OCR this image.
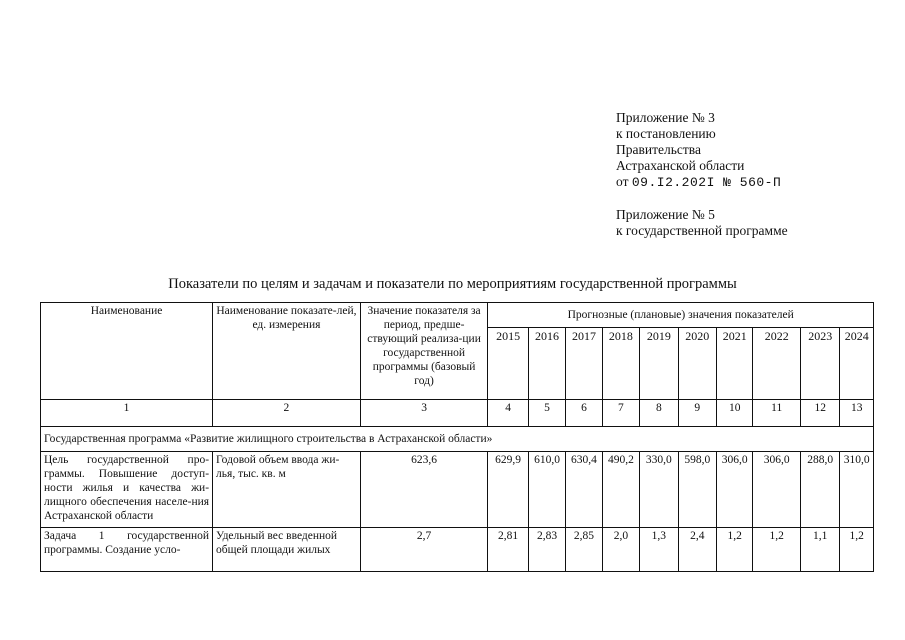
Приложение № 3
к постановлению
Правительства
Астраханской области
от 09.I2.202I № 560-П
Приложение № 5
к государственной программе
Показатели по целям и задачам и показатели по мероприятиям государственной программы
Наименование	Наименование показате-лей, ед. измерения	Значение показателя за период, предше-ствующий реализа-ции государственной программы (базовый год)	Прогнозные (плановые) значения показателей									
			2015	2016	2017	2018	2019	2020	2021	2022	2023	2024
1	2	3	4	5	6	7	8	9	10	11	12	13
Государственная программа «Развитие жилищного строительства в Астраханской области»												
Цель государственной про-граммы. Повышение доступ-ности жилья и качества жи-лищного обеспечения населе-ния Астраханской области	Годовой объем ввода жи-лья, тыс. кв. м	623,6	629,9	610,0	630,4	490,2	330,0	598,0	306,0	306,0	288,0	310,0
Задача 1 государственной программы. Создание усло-	Удельный вес введенной общей площади жилых	2,7	2,81	2,83	2,85	2,0	1,3	2,4	1,2	1,2	1,1	1,2
